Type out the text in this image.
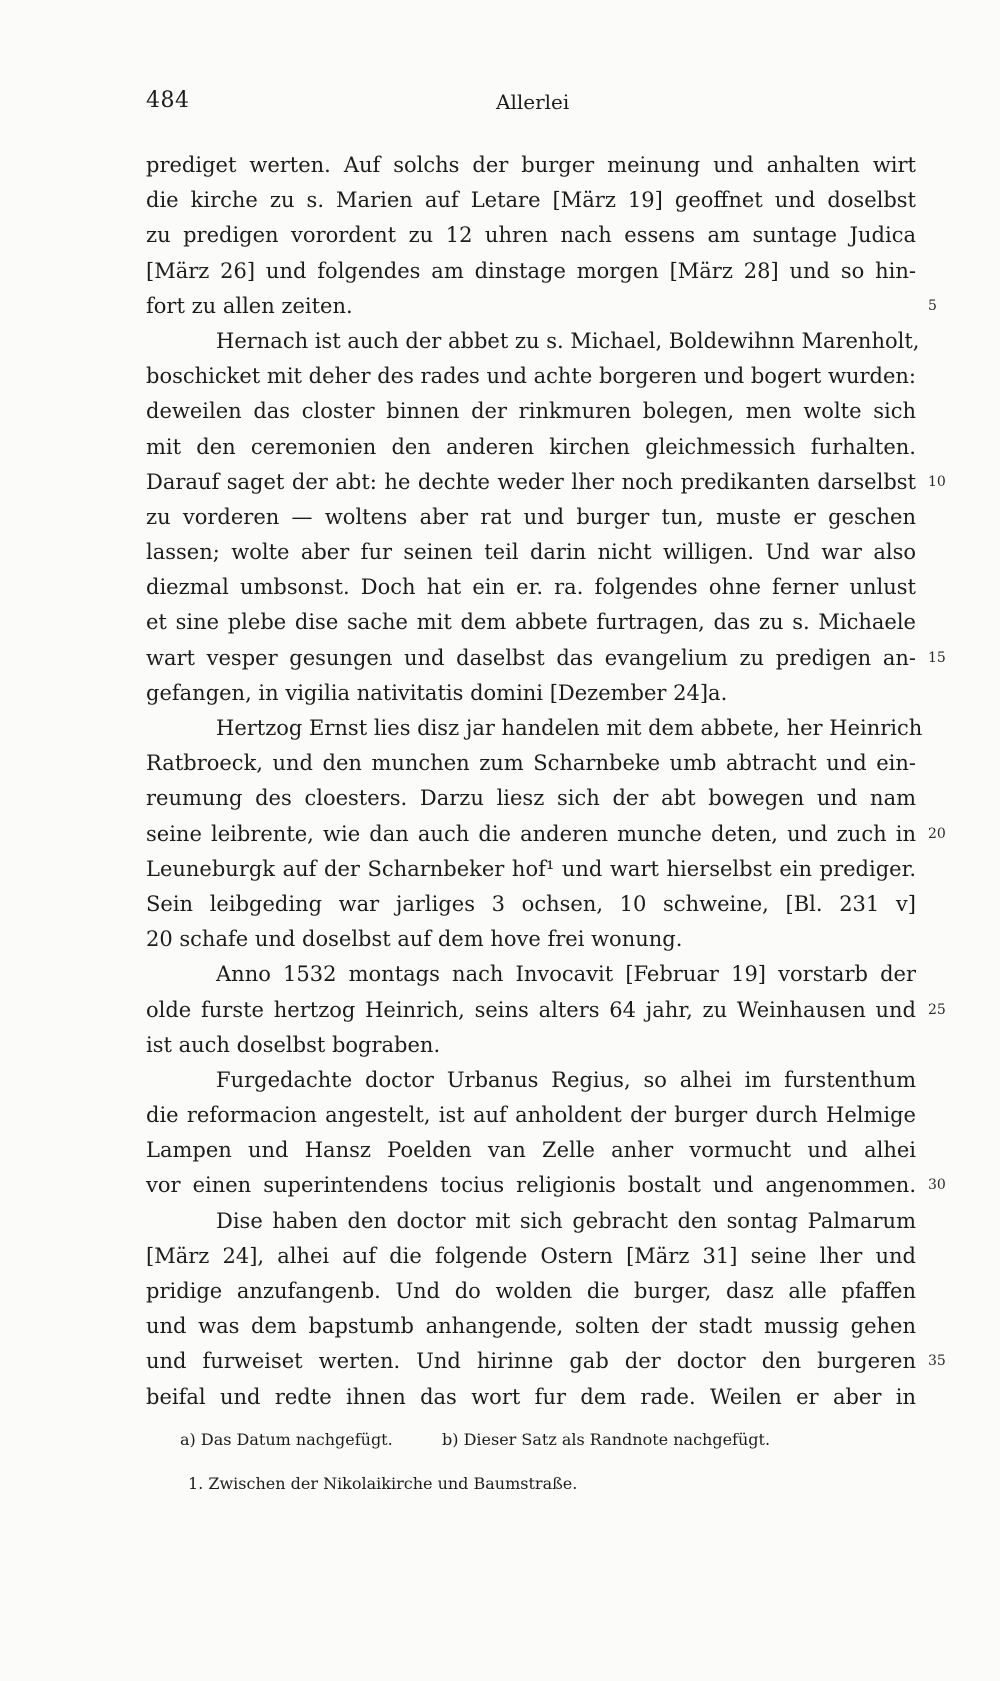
484	Allerlei
prediget werten. Auf solchs der burger meinung und anhalten wirt
die kirche zu s. Marien auf Letare [März 19] geoffnet und doselbst
zu predigen vorordent zu 12 uhren nach essens am suntage Judica
[März 26] und folgendes am dinstage morgen [März 28] und so hin-
fort zu allen zeiten.	5
Hernach ist auch der abbet zu s. Michael, Boldewihnn Marenholt,
boschicket mit deher des rades und achte borgeren und bogert wurden:
deweilen das closter binnen der rinkmuren bolegen, men wolte sich
mit den ceremonien den anderen kirchen gleichmessich furhalten.
Darauf saget der abt: he dechte weder lher noch predikanten darselbst 10
zu vorderen — woltens aber rat und burger tun, muste er geschen
lassen; wolte aber fur seinen teil darin nicht willigen. Und war also
diezmal umbsonst. Doch hat ein er. ra. folgendes ohne ferner unlust
et sine plebe dise sache mit dem abbete furtragen, das zu s. Michaele
wart vesper gesungen und daselbst das evangelium zu predigen an- 15
gefangen, in vigilia nativitatis domini [Dezember 24]a.
Hertzog Ernst lies disz jar handelen mit dem abbete, her Heinrich
Ratbroeck, und den munchen zum Scharnbeke umb abtracht und ein-
reumung des cloesters. Darzu liesz sich der abt bowegen und nam
seine leibrente, wie dan auch die anderen munche deten, und zuch in 20
Leuneburgk auf der Scharnbeker hof¹ und wart hierselbst ein prediger.
Sein leibgeding war jarliges 3 ochsen, 10 schweine, [Bl. 231 v]
20 schafe und doselbst auf dem hove frei wonung.
Anno 1532 montags nach Invocavit [Februar 19] vorstarb der
olde furste hertzog Heinrich, seins alters 64 jahr, zu Weinhausen und 25
ist auch doselbst bograben.
Furgedachte doctor Urbanus Regius, so alhei im furstenthum
die reformacion angestelt, ist auf anholdent der burger durch Helmige
Lampen und Hansz Poelden van Zelle anher vormucht und alhei
vor einen superintendens tocius religionis bostalt und angenommen. 30
Dise haben den doctor mit sich gebracht den sontag Palmarum
[März 24], alhei auf die folgende Ostern [März 31] seine lher und
pridige anzufangenb. Und do wolden die burger, dasz alle pfaffen
und was dem bapstumb anhangende, solten der stadt mussig gehen
und furweiset werten. Und hirinne gab der doctor den burgeren 35
beifal und redte ihnen das wort fur dem rade. Weilen er aber in
a) Das Datum nachgefügt.	b) Dieser Satz als Randnote nachgefügt.
1. Zwischen der Nikolaikirche und Baumstraße.
